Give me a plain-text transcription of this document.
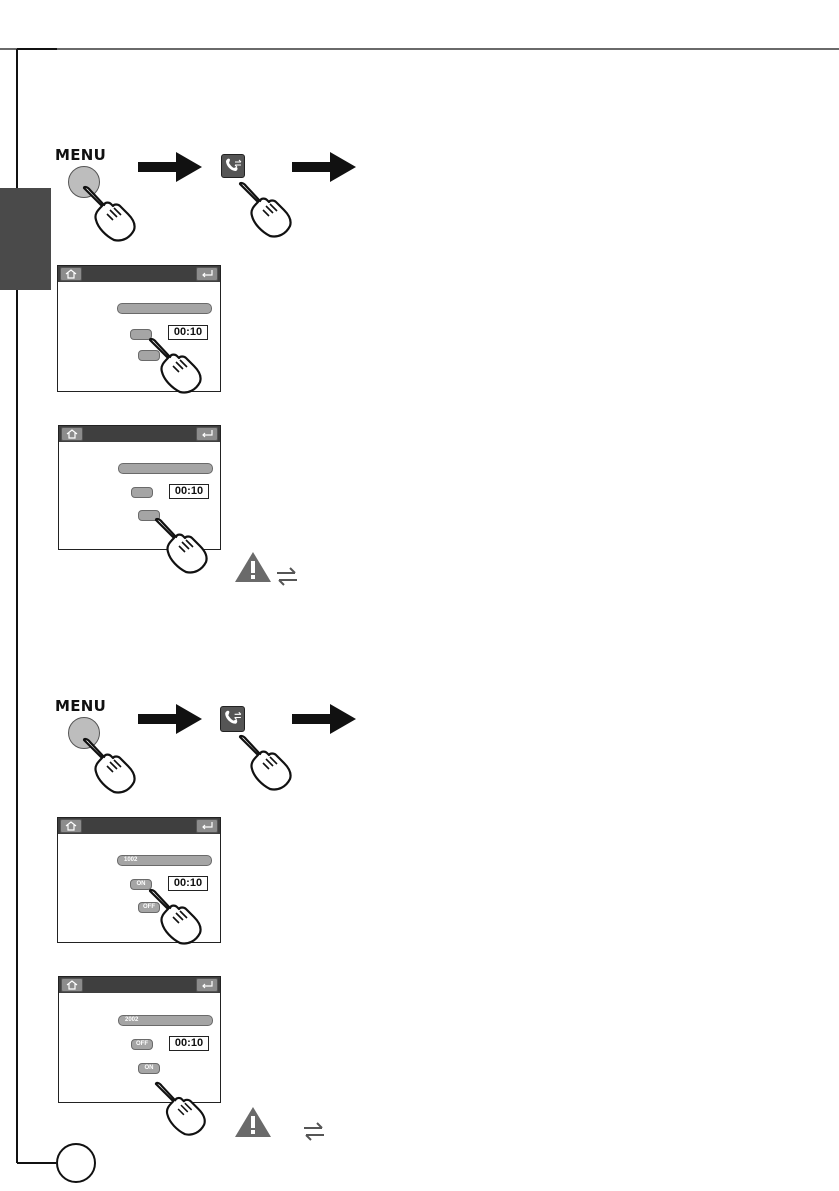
MENU
00:10
00:10
MENU
1002
ON	00:10
OFF
2002
OFF	00:10
ON
